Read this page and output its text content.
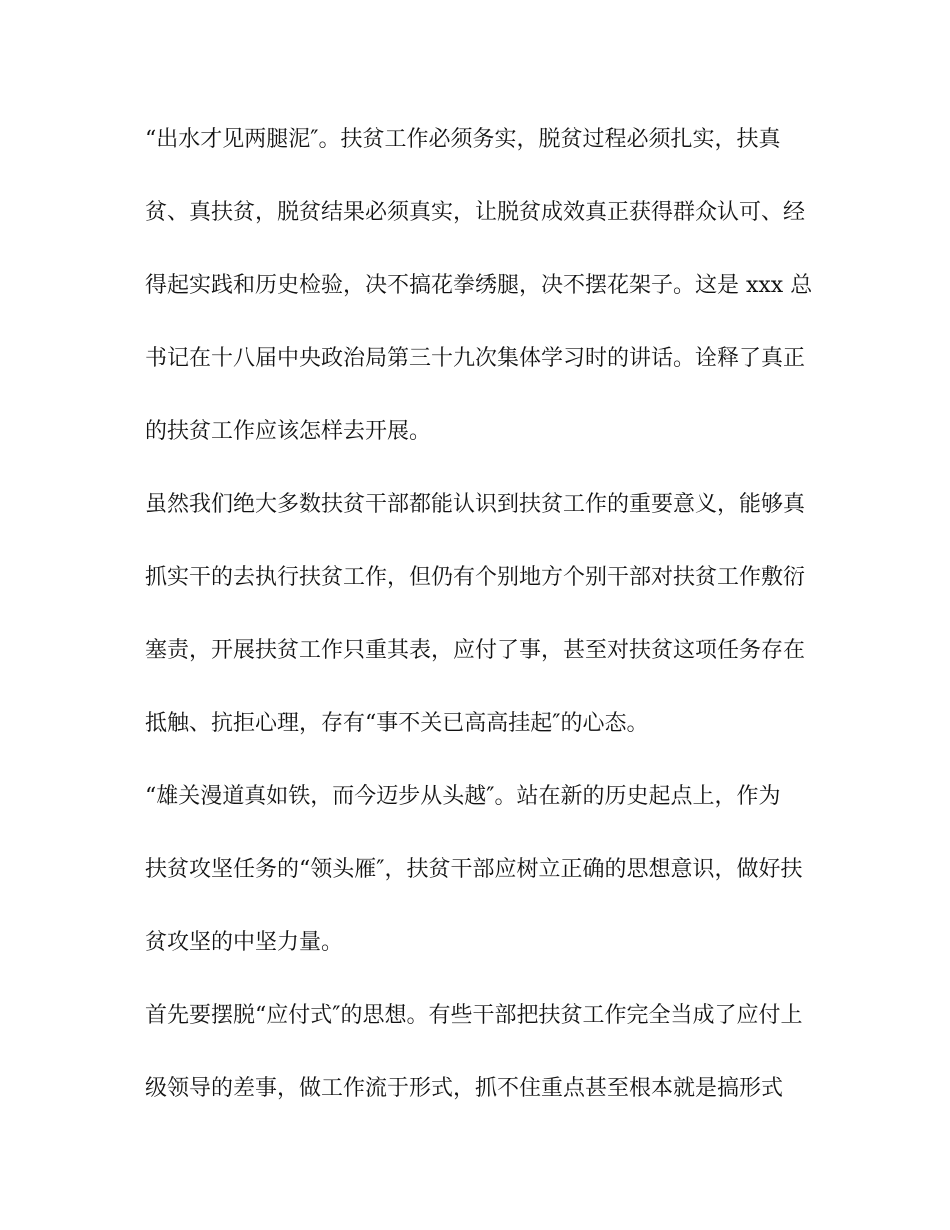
“出水才见两腿泥″。扶贫工作必须务实，脱贫过程必须扎实，扶真
贫、真扶贫，脱贫结果必须真实，让脱贫成效真正获得群众认可、经
得起实践和历史检验，决不搞花拳绣腿，决不摆花架子。这是 xxx 总
书记在十八届中央政治局第三十九次集体学习时的讲话。诠释了真正
的扶贫工作应该怎样去开展。
虽然我们绝大多数扶贫干部都能认识到扶贫工作的重要意义，能够真
抓实干的去执行扶贫工作，但仍有个别地方个别干部对扶贫工作敷衍
塞责，开展扶贫工作只重其表，应付了事，甚至对扶贫这项任务存在
抵触、抗拒心理，存有“事不关已高高挂起″的心态。
“雄关漫道真如铁，而今迈步从头越″。站在新的历史起点上，作为
扶贫攻坚任务的“领头雁″，扶贫干部应树立正确的思想意识，做好扶
贫攻坚的中坚力量。
首先要摆脱“应付式″的思想。有些干部把扶贫工作完全当成了应付上
级领导的差事，做工作流于形式，抓不住重点甚至根本就是搞形式
